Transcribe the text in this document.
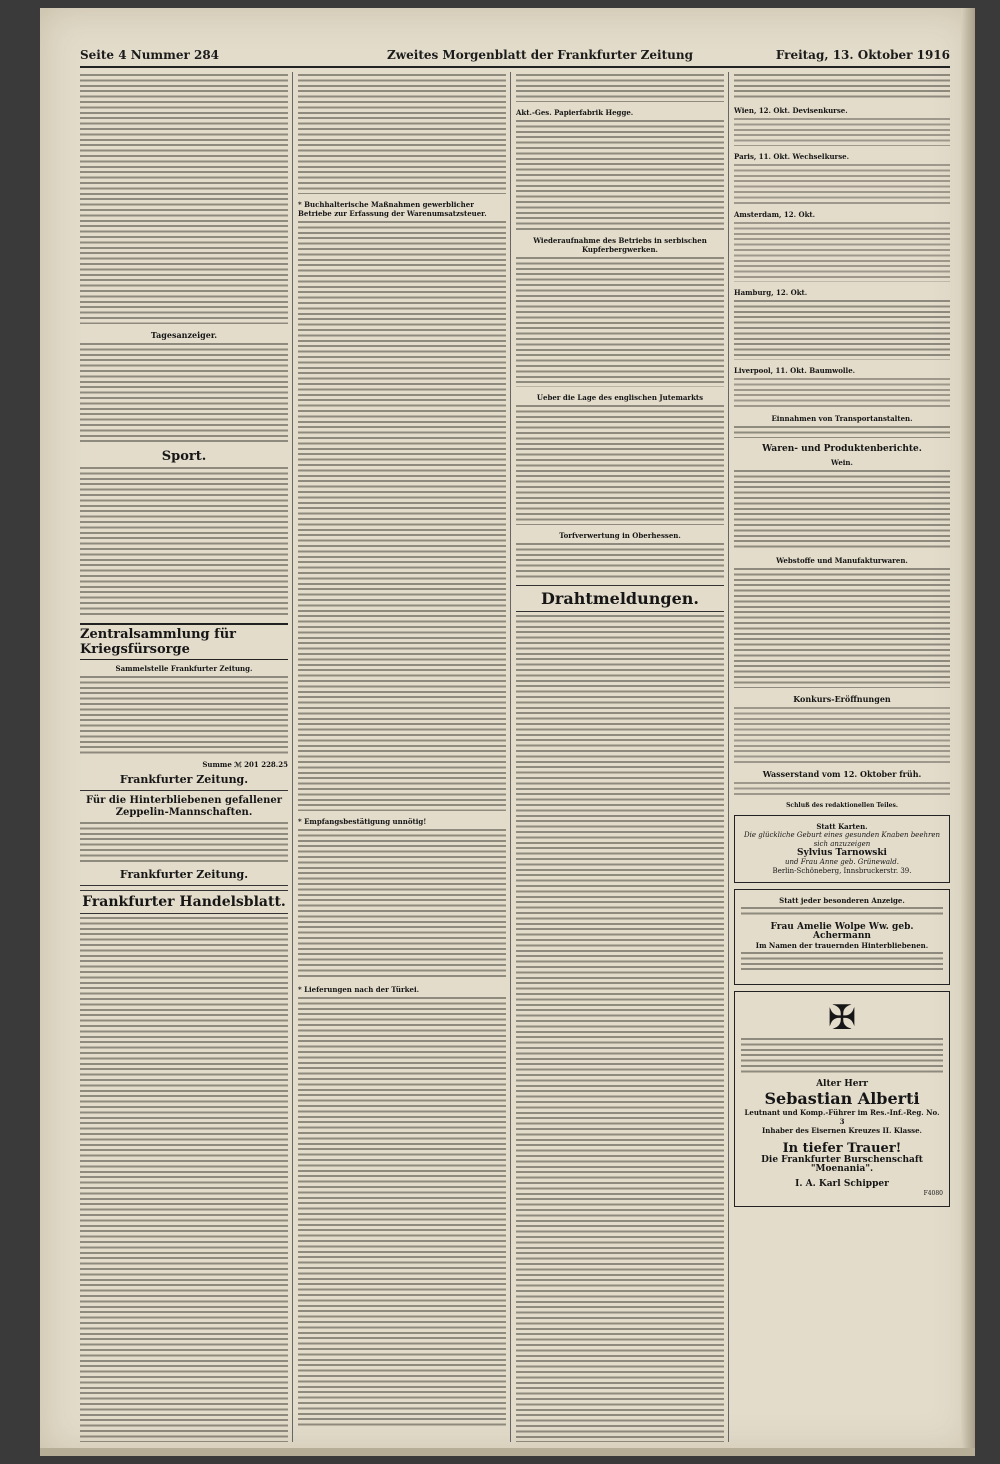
Seite 4 Nummer 284	Zweites Morgenblatt der Frankfurter Zeitung	Freitag, 13. Oktober 1916
Tagesanzeiger.
Sport.
Zentralsammlung für Kriegsfürsorge
Sammelstelle Frankfurter Zeitung.
Summe ℳ 201 228.25
Frankfurter Zeitung.
Für die Hinterbliebenen gefallener Zeppelin-Mannschaften.
Frankfurter Zeitung.
Frankfurter Handelsblatt.
* Buchhalterische Maßnahmen gewerblicher Betriebe zur Erfassung der Warenumsatzsteuer.
* Empfangsbestätigung unnötig!
* Lieferungen nach der Türkei.
Akt.-Ges. Papierfabrik Hegge.
Wiederaufnahme des Betriebs in serbischen Kupferbergwerken.
Ueber die Lage des englischen Jutemarkts
Torfverwertung in Oberhessen.
Drahtmeldungen.
Wien, 12. Okt. Devisenkurse.
Paris, 11. Okt. Wechselkurse.
Amsterdam, 12. Okt.
Hamburg, 12. Okt.
Liverpool, 11. Okt. Baumwolle.
Einnahmen von Transportanstalten.
Waren- und Produktenberichte.
Wein.
Webstoffe und Manufakturwaren.
Konkurs-Eröffnungen
Wasserstand vom 12. Oktober früh.
Schluß des redaktionellen Teiles.
Statt Karten.
Die glückliche Geburt eines gesunden Knaben beehren sich anzuzeigen
Sylvius Tarnowski
und Frau Anne geb. Grünewald.
Berlin-Schöneberg, Innsbruckerstr. 39.
Statt jeder besonderen Anzeige.
Frau Amelie Wolpe Ww. geb. Achermann
Im Namen der trauernden Hinterbliebenen.
✠
Alter Herr
Sebastian Alberti
Leutnant und Komp.-Führer im Res.-Inf.-Reg. No. 3
Inhaber des Eisernen Kreuzes II. Klasse.
In tiefer Trauer!
Die Frankfurter Burschenschaft
"Moenania".
I. A. Karl Schipper
F4080
